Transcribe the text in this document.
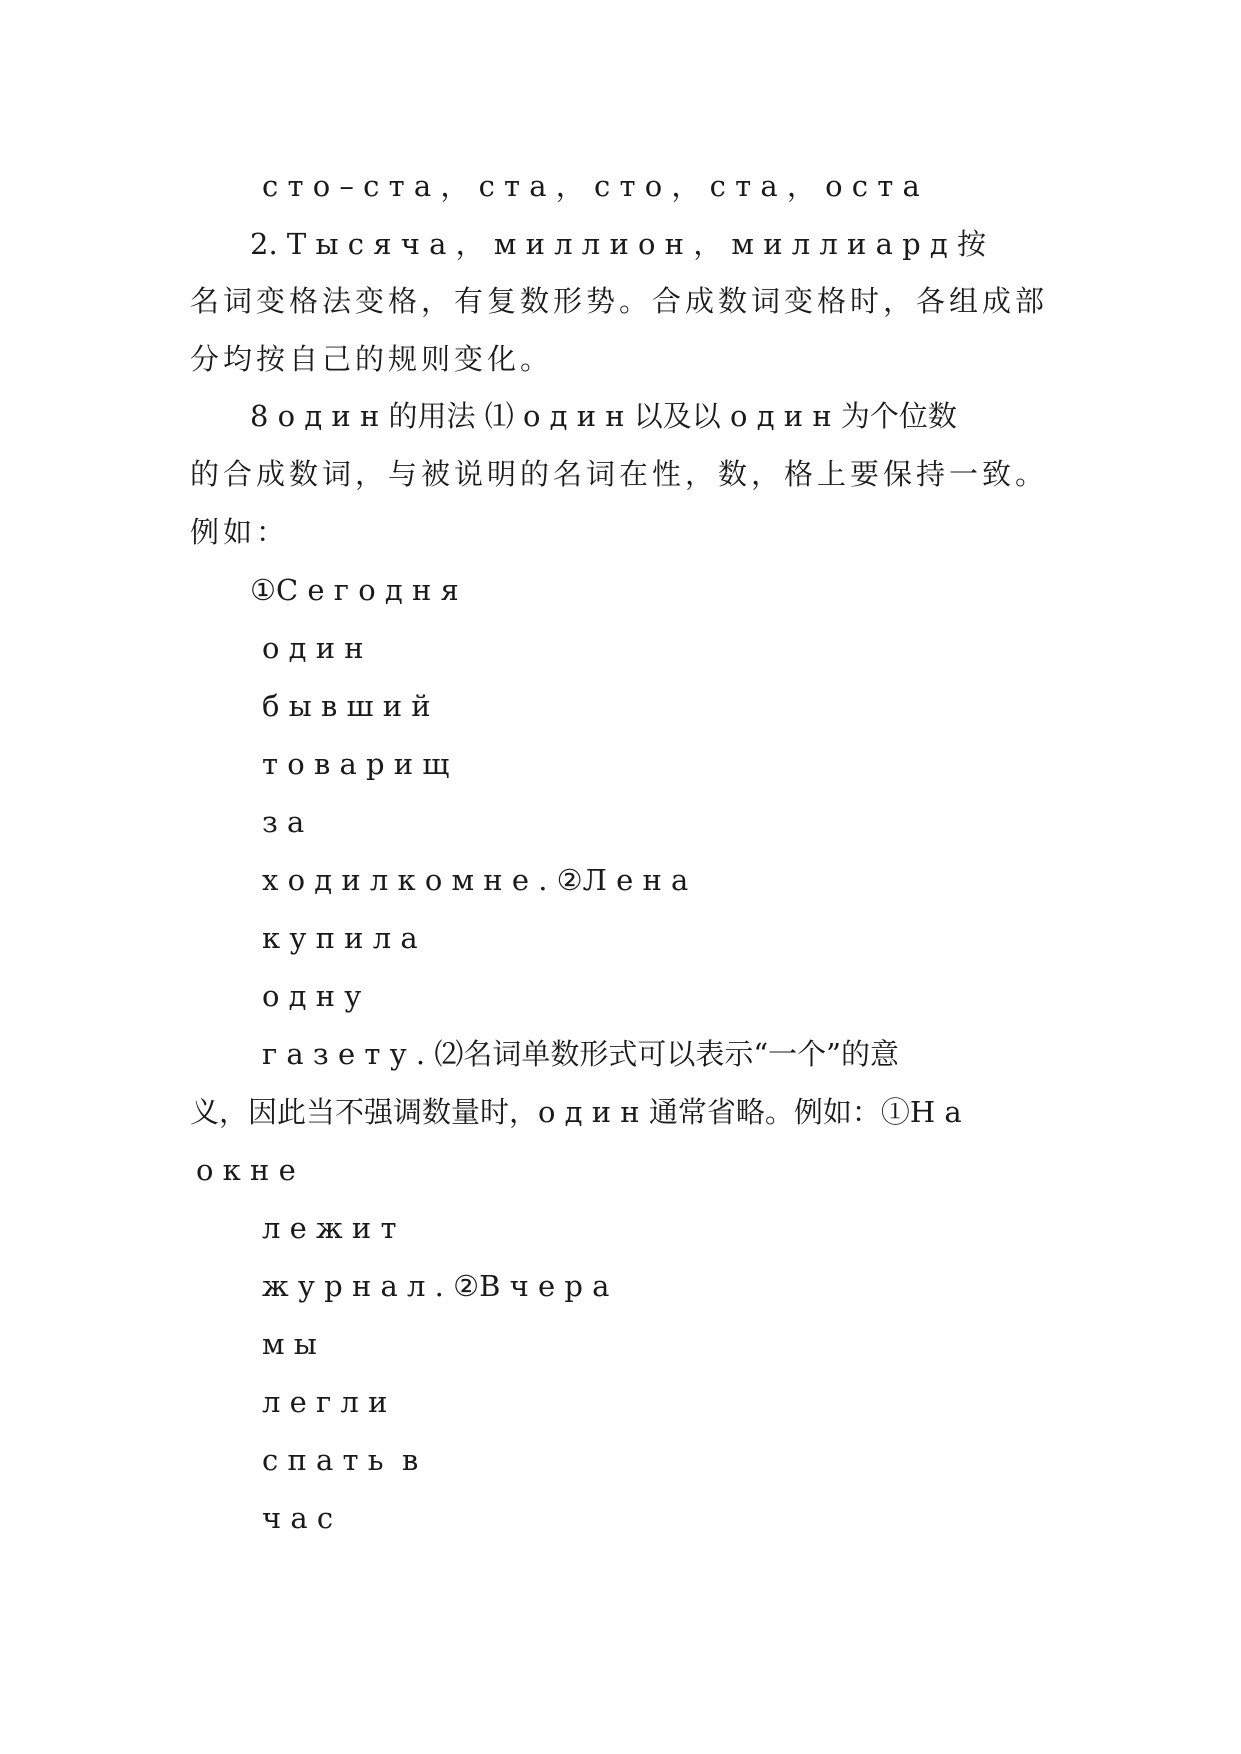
с т о – с т а ， с т а ， с т о ， с т а ， о с т а
2. Т ы с я ч а ， м и л л и о н ， м и л л и а р д 按
名词变格法变格，有复数形势。合成数词变格时，各组成部
分均按自己的规则变化。
8 о д и н 的用法 ⑴ о д и н 以及以 о д и н 为个位数
的合成数词，与被说明的名词在性，数，格上要保持一致。
例如：
①С е г о д н я
о д и н
б ы в ш и й
т о в а р и щ
з а
х о д и л к о м н е . ②Л е н а
к у п и л а
о д н у
г а з е т у . ⑵名词单数形式可以表示“一个”的意
义，因此当不强调数量时，о д и н 通常省略。例如：①Н а
о к н е
л е ж и т
ж у р н а л . ②В ч е р а
м ы
л е г л и
с п а т ь  в
ч а с
